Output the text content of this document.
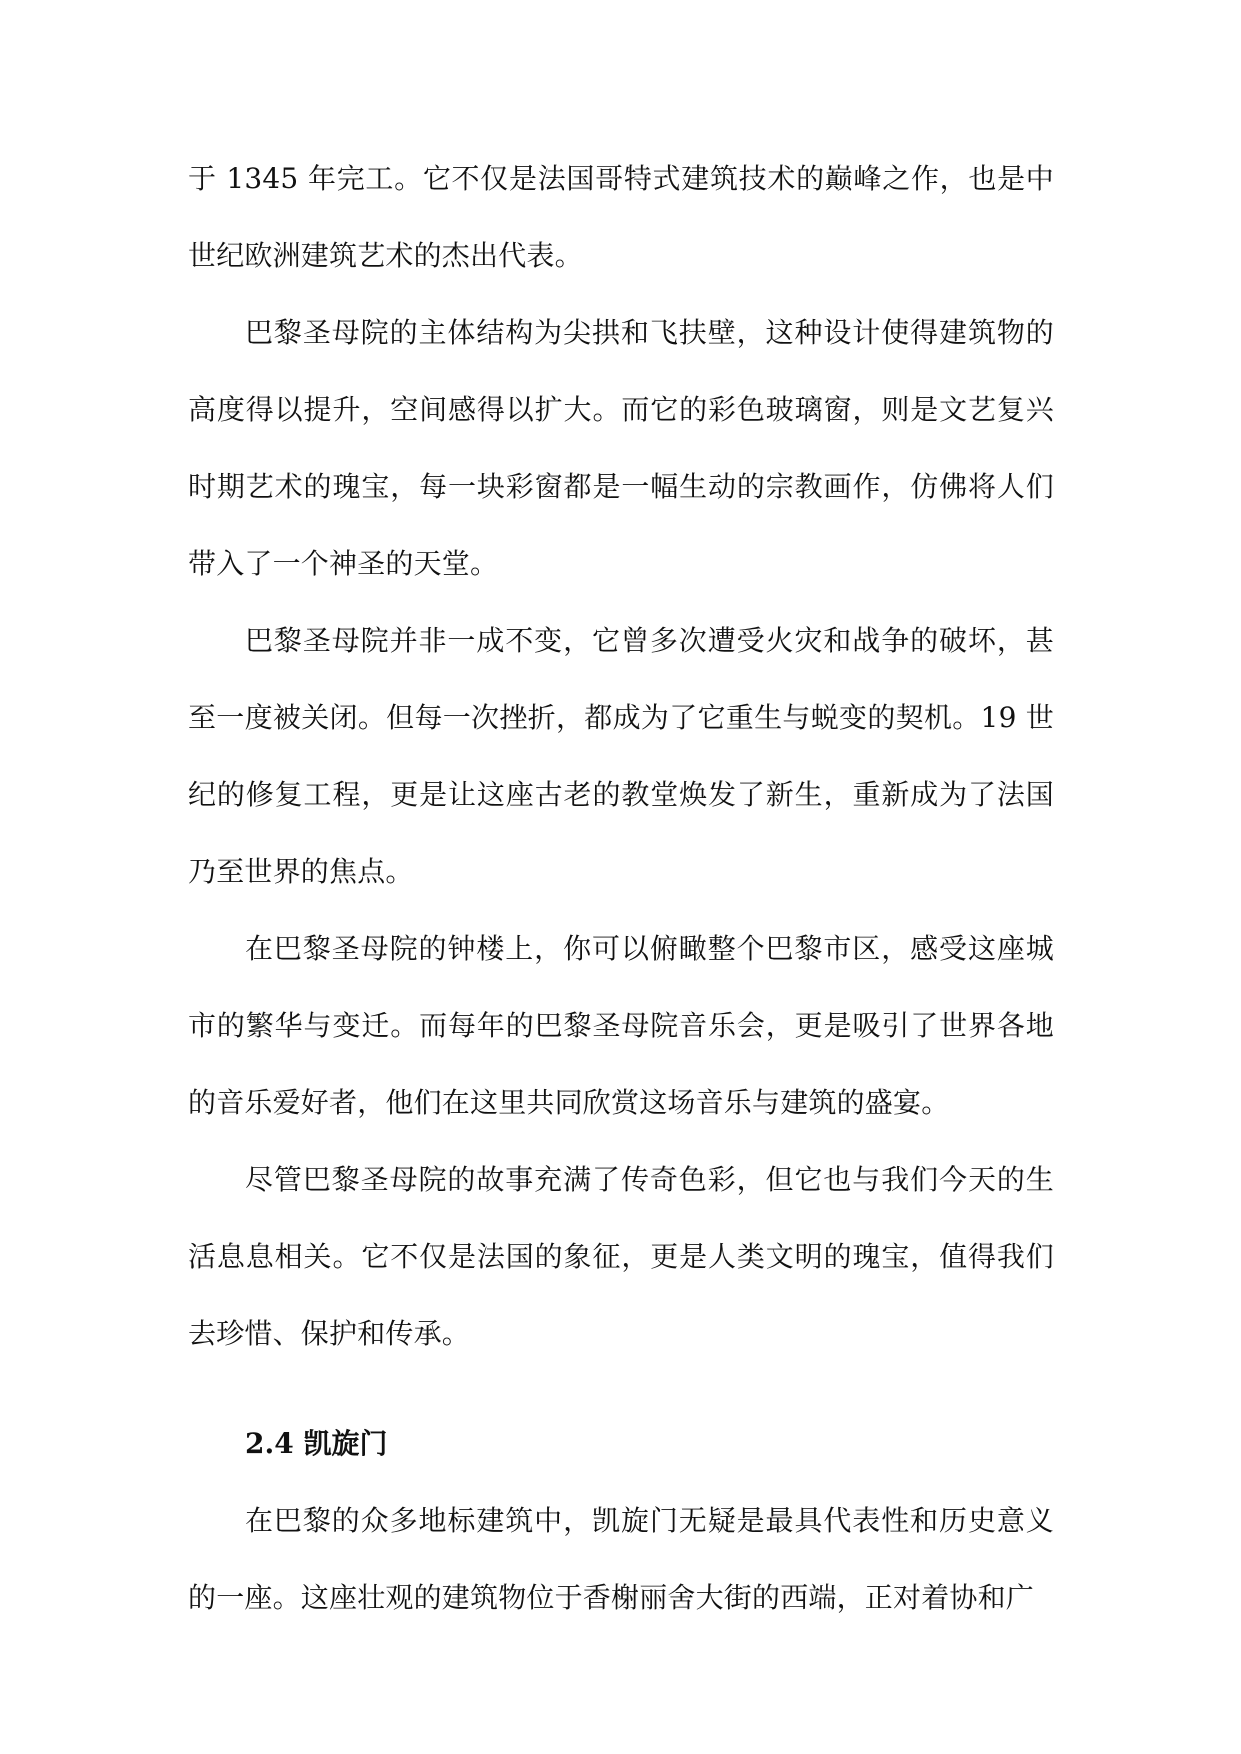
于 1345 年完工。它不仅是法国哥特式建筑技术的巅峰之作，也是中世纪欧洲建筑艺术的杰出代表。

巴黎圣母院的主体结构为尖拱和飞扶壁，这种设计使得建筑物的高度得以提升，空间感得以扩大。而它的彩色玻璃窗，则是文艺复兴时期艺术的瑰宝，每一块彩窗都是一幅生动的宗教画作，仿佛将人们带入了一个神圣的天堂。

巴黎圣母院并非一成不变，它曾多次遭受火灾和战争的破坏，甚至一度被关闭。但每一次挫折，都成为了它重生与蜕变的契机。19 世纪的修复工程，更是让这座古老的教堂焕发了新生，重新成为了法国乃至世界的焦点。

在巴黎圣母院的钟楼上，你可以俯瞰整个巴黎市区，感受这座城市的繁华与变迁。而每年的巴黎圣母院音乐会，更是吸引了世界各地的音乐爱好者，他们在这里共同欣赏这场音乐与建筑的盛宴。

尽管巴黎圣母院的故事充满了传奇色彩，但它也与我们今天的生活息息相关。它不仅是法国的象征，更是人类文明的瑰宝，值得我们去珍惜、保护和传承。

2.4 凯旋门

在巴黎的众多地标建筑中，凯旋门无疑是最具代表性和历史意义的一座。这座壮观的建筑物位于香榭丽舍大街的西端，正对着协和广
